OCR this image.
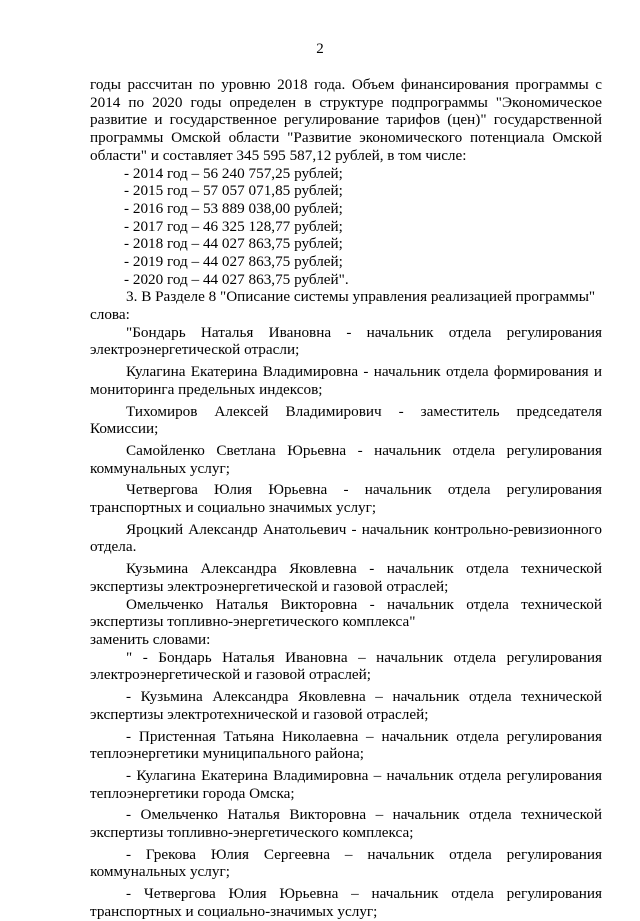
2

годы рассчитан по уровню 2018 года. Объем финансирования программы с 2014 по 2020 годы определен в структуре подпрограммы "Экономическое развитие и государственное регулирование тарифов (цен)" государственной программы Омской области "Развитие экономического потенциала Омской области" и составляет 345 595 587,12 рублей, в том числе:

- 2014 год – 56 240 757,25 рублей;
- 2015 год – 57 057 071,85 рублей;
- 2016 год – 53 889 038,00 рублей;
- 2017 год – 46 325 128,77 рублей;
- 2018 год – 44 027 863,75 рублей;
- 2019 год – 44 027 863,75 рублей;
- 2020 год – 44 027 863,75 рублей".

3. В Разделе 8 "Описание системы управления реализацией программы"

слова:

"Бондарь Наталья Ивановна - начальник отдела регулирования электроэнергетической отрасли;

Кулагина Екатерина Владимировна - начальник отдела формирования и мониторинга предельных индексов;

Тихомиров Алексей Владимирович - заместитель председателя Комиссии;

Самойленко Светлана Юрьевна - начальник отдела регулирования коммунальных услуг;

Четвергова Юлия Юрьевна - начальник отдела регулирования транспортных и социально значимых услуг;

Яроцкий Александр Анатольевич - начальник контрольно-ревизионного отдела.

Кузьмина Александра Яковлевна - начальник отдела технической экспертизы электроэнергетической и газовой отраслей;

Омельченко Наталья Викторовна - начальник отдела технической экспертизы топливно-энергетического комплекса"

заменить словами:

" - Бондарь Наталья Ивановна – начальник отдела регулирования электроэнергетической и газовой отраслей;

- Кузьмина Александра Яковлевна – начальник отдела технической экспертизы электротехнической и газовой отраслей;

- Пристенная Татьяна Николаевна – начальник отдела регулирования теплоэнергетики муниципального района;

- Кулагина Екатерина Владимировна – начальник отдела регулирования теплоэнергетики города Омска;

- Омельченко Наталья Викторовна – начальник отдела технической экспертизы топливно-энергетического комплекса;

- Грекова Юлия Сергеевна – начальник отдела регулирования коммунальных услуг;

- Четвергова Юлия Юрьевна – начальник отдела регулирования транспортных и социально-значимых услуг;
